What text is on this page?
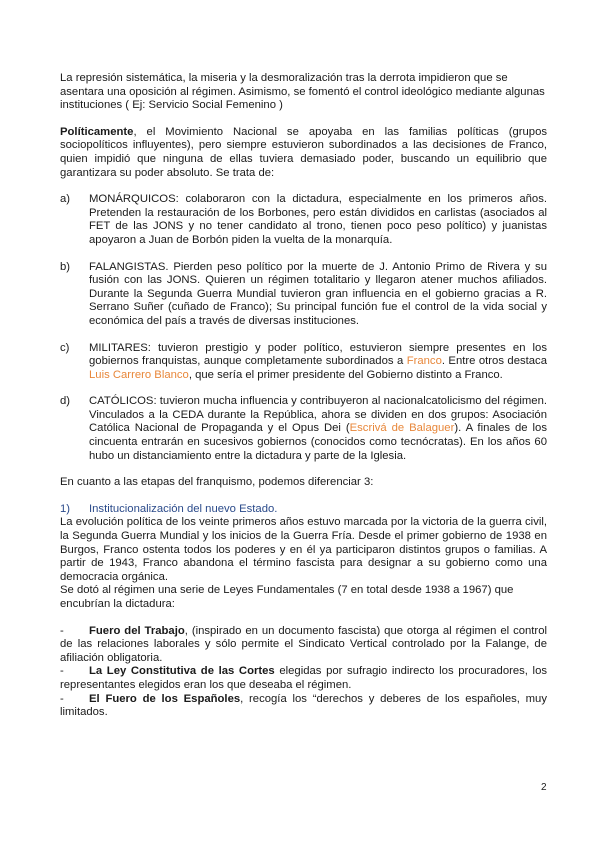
La represión sistemática, la miseria y la desmoralización tras la derrota impidieron que se asentara una oposición al régimen. Asimismo, se fomentó el control ideológico mediante algunas instituciones ( Ej: Servicio Social Femenino )

Políticamente, el Movimiento Nacional se apoyaba en las familias políticas (grupos sociopolíticos influyentes), pero siempre estuvieron subordinados a las decisiones de Franco, quien impidió que ninguna de ellas tuviera demasiado poder, buscando un equilibrio que garantizara su poder absoluto. Se trata de:

a)	MONÁRQUICOS: colaboraron con la dictadura, especialmente en los primeros años. Pretenden la restauración de los Borbones, pero están divididos en carlistas (asociados al FET de las JONS y no tener candidato al trono, tienen poco peso político) y juanistas apoyaron a Juan de Borbón piden la vuelta de la monarquía.

b)	FALANGISTAS. Pierden peso político por la muerte de J. Antonio Primo de Rivera y su fusión con las JONS. Quieren un régimen totalitario y llegaron atener muchos afiliados. Durante la Segunda Guerra Mundial tuvieron gran influencia en el gobierno gracias a R. Serrano Suñer (cuñado de Franco); Su principal función fue el control de la vida social y económica del país a través de diversas instituciones.

c)	MILITARES: tuvieron prestigio y poder político, estuvieron siempre presentes en los gobiernos franquistas, aunque completamente subordinados a Franco. Entre otros destaca Luis Carrero Blanco, que sería el primer presidente del Gobierno distinto a Franco.

d)	CATÓLICOS: tuvieron mucha influencia y contribuyeron al nacionalcatolicismo del régimen. Vinculados a la CEDA durante la República, ahora se dividen en dos grupos: Asociación Católica Nacional de Propaganda y el Opus Dei (Escrivá de Balaguer). A finales de los cincuenta entrarán en sucesivos gobiernos (conocidos como tecnócratas). En los años 60 hubo un distanciamiento entre la dictadura y parte de la Iglesia.

En cuanto a las etapas del franquismo, podemos diferenciar 3:

1) Institucionalización del nuevo Estado.

La evolución política de los veinte primeros años estuvo marcada por la victoria de la guerra civil, la Segunda Guerra Mundial y los inicios de la Guerra Fría. Desde el primer gobierno de 1938 en Burgos, Franco ostenta todos los poderes y en él ya participaron distintos grupos o familias. A partir de 1943, Franco abandona el término fascista para designar a su gobierno como una democracia orgánica.

Se dotó al régimen una serie de Leyes Fundamentales (7 en total desde 1938 a 1967) que encubrían la dictadura:

- Fuero del Trabajo, (inspirado en un documento fascista) que otorga al régimen el control de las relaciones laborales y sólo permite el Sindicato Vertical controlado por la Falange, de afiliación obligatoria.

- La Ley Constitutiva de las Cortes elegidas por sufragio indirecto los procuradores, los representantes elegidos eran los que deseaba el régimen.

- El Fuero de los Españoles, recogía los “derechos y deberes de los españoles, muy limitados.

2
